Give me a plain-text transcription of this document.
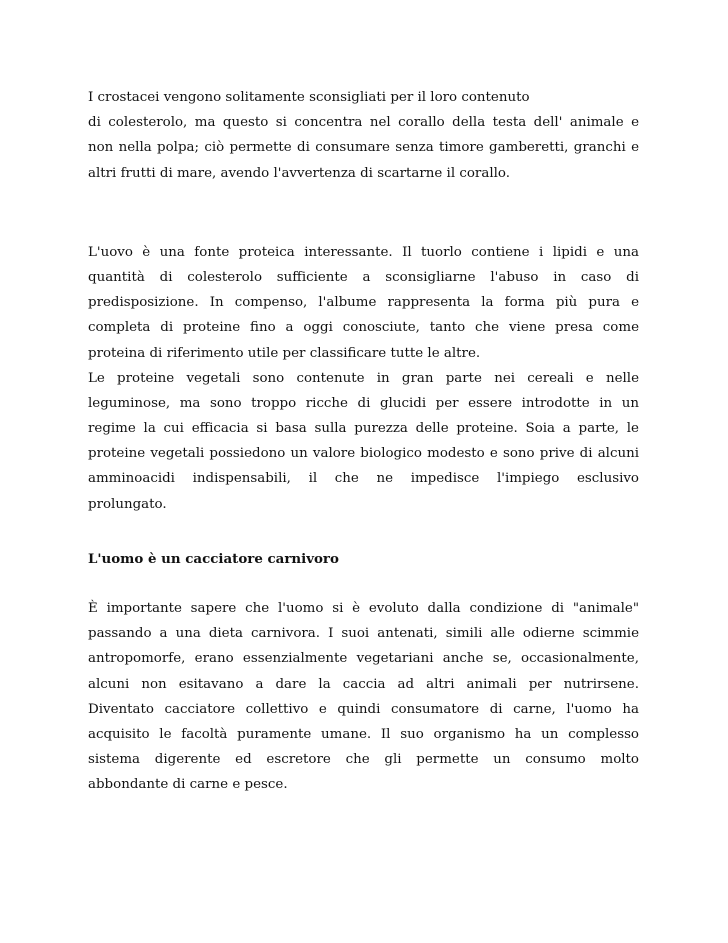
I crostacei vengono solitamente sconsigliati per il loro contenuto
di colesterolo, ma questo si concentra nel corallo della testa dell' animale e
non nella polpa; ciò permette di consumare senza timore gamberetti, granchi e
altri frutti di mare, avendo l'avvertenza di scartarne il corallo.
L'uovo è una fonte proteica interessante. Il tuorlo contiene i lipidi e una
quantità di colesterolo sufficiente a sconsigliarne l'abuso in caso di
predisposizione. In compenso, l'albume rappresenta la forma più pura e
completa di proteine fino a oggi conosciute, tanto che viene presa come
proteina di riferimento utile per classificare tutte le altre.
Le proteine vegetali sono contenute in gran parte nei cereali e nelle
leguminose, ma sono troppo ricche di glucidi per essere introdotte in un
regime la cui efficacia si basa sulla purezza delle proteine. Soia a parte, le
proteine vegetali possiedono un valore biologico modesto e sono prive di alcuni
amminoacidi indispensabili, il che ne impedisce l'impiego esclusivo
prolungato.
L'uomo è un cacciatore carnivoro
È importante sapere che l'uomo si è evoluto dalla condizione di "animale"
passando a una dieta carnivora. I suoi antenati, simili alle odierne scimmie
antropomorfe, erano essenzialmente vegetariani anche se, occasionalmente,
alcuni non esitavano a dare la caccia ad altri animali per nutrirsene.
Diventato cacciatore collettivo e quindi consumatore di carne, l'uomo ha
acquisito le facoltà puramente umane. Il suo organismo ha un complesso
sistema digerente ed escretore che gli permette un consumo molto
abbondante di carne e pesce.
